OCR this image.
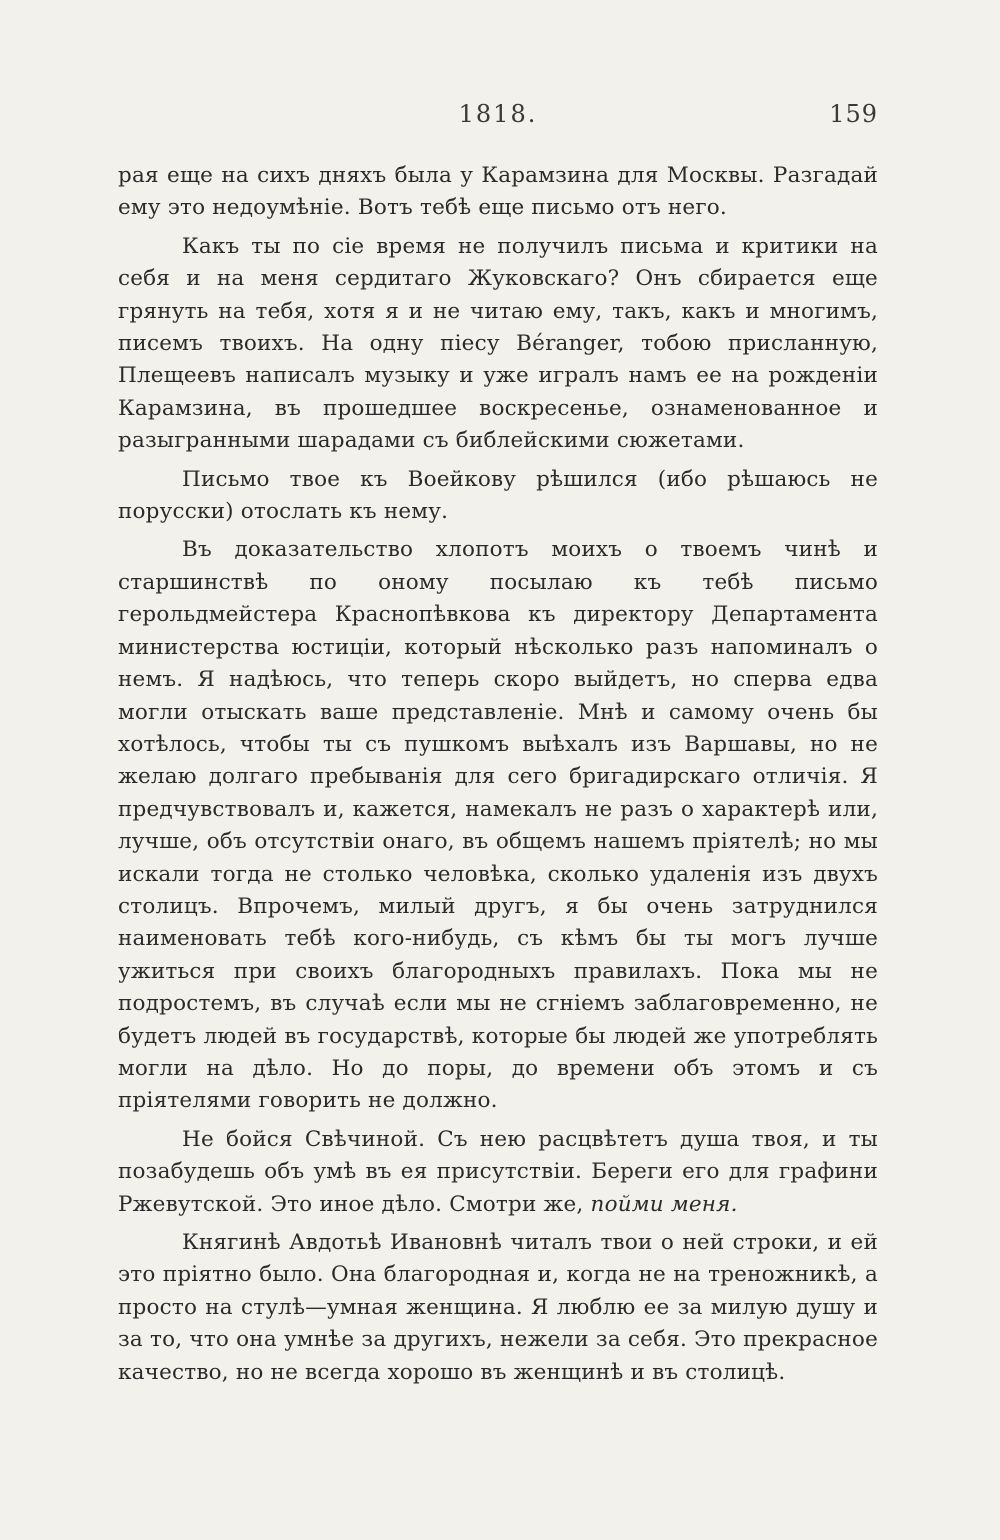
1818.	159

рая еще на сихъ дняхъ была у Карамзина для Москвы. Разгадай ему это недоумѣніе. Вотъ тебѣ еще письмо отъ него.

Какъ ты по сіе время не получилъ письма и критики на себя и на меня сердитаго Жуковскаго? Онъ сбирается еще грянуть на тебя, хотя я и не читаю ему, такъ, какъ и многимъ, писемъ твоихъ. На одну піесу Béranger, тобою присланную, Плещеевъ написалъ музыку и уже игралъ намъ ее на рожденіи Карамзина, въ прошедшее воскресенье, ознаменованное и разыгранными шарадами съ библейскими сюжетами.

Письмо твое къ Воейкову рѣшился (ибо рѣшаюсь не порусски) отослать къ нему.

Въ доказательство хлопотъ моихъ о твоемъ чинѣ и старшинствѣ по оному посылаю къ тебѣ письмо герольдмейстера Краснопѣвкова къ директору Департамента министерства юстиціи, который нѣсколько разъ напоминалъ о немъ. Я надѣюсь, что теперь скоро выйдетъ, но сперва едва могли отыскать ваше представленіе. Мнѣ и самому очень бы хотѣлось, чтобы ты съ пушкомъ выѣхалъ изъ Варшавы, но не желаю долгаго пребыванія для сего бригадирскаго отличія. Я предчувствовалъ и, кажется, намекалъ не разъ о характерѣ или, лучше, объ отсутствіи онаго, въ общемъ нашемъ пріятелѣ; но мы искали тогда не столько человѣка, сколько удаленія изъ двухъ столицъ. Впрочемъ, милый другъ, я бы очень затруднился наименовать тебѣ кого-нибудь, съ кѣмъ бы ты могъ лучше ужиться при своихъ благородныхъ правилахъ. Пока мы не подростемъ, въ случаѣ если мы не сгніемъ заблаговременно, не будетъ людей въ государствѣ, которые бы людей же употреблять могли на дѣло. Но до поры, до времени объ этомъ и съ пріятелями говорить не должно.

Не бойся Свѣчиной. Съ нею расцвѣтетъ душа твоя, и ты позабудешь объ умѣ въ ея присутствіи. Береги его для графини Ржевутской. Это иное дѣло. Смотри же, пойми меня.

Княгинѣ Авдотьѣ Ивановнѣ читалъ твои о ней строки, и ей это пріятно было. Она благородная и, когда не на треножникѣ, а просто на стулѣ—умная женщина. Я люблю ее за милую душу и за то, что она умнѣе за другихъ, нежели за себя. Это прекрасное качество, но не всегда хорошо въ женщинѣ и въ столицѣ.
